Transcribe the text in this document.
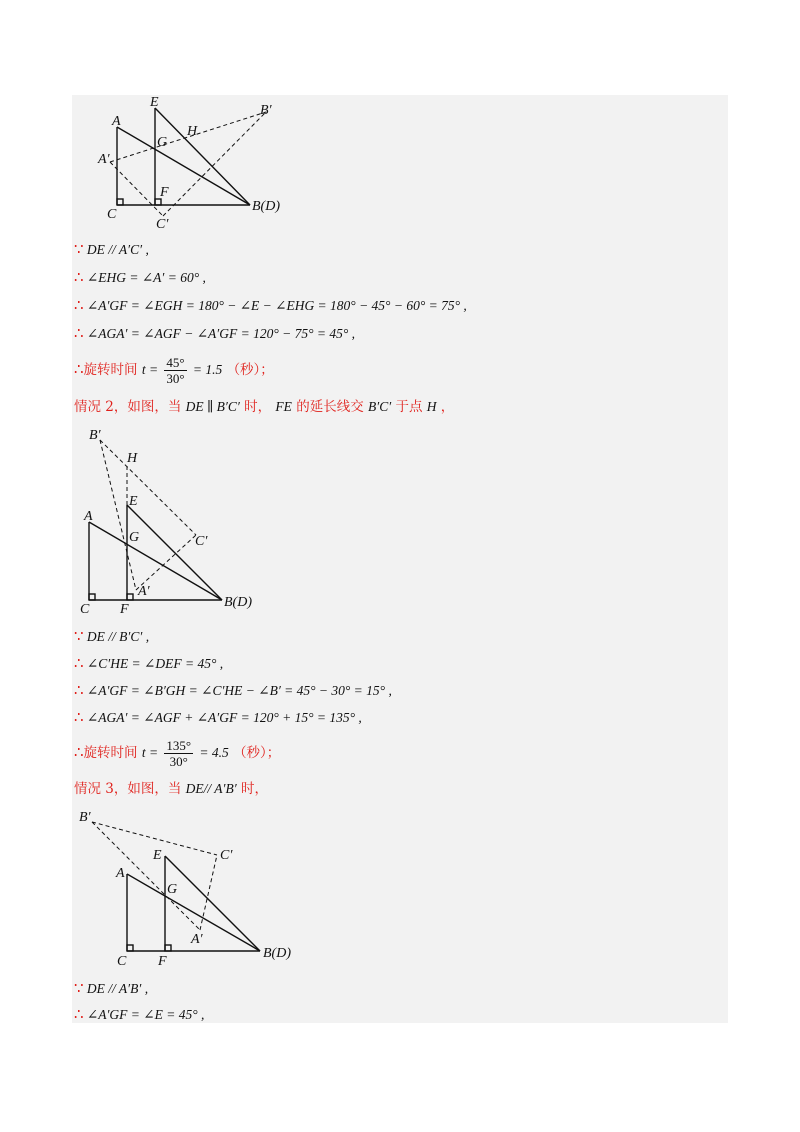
A
E
B′
H
A′
G
F
C
C′
B(D)
∵ DE // A′C′ ,
∴ ∠EHG = ∠A′ = 60° ,
∴ ∠A′GF = ∠EGH = 180° − ∠E − ∠EHG = 180° − 45° − 60° = 75° ,
∴ ∠AGA′ = ∠AGF − ∠A′GF = 120° − 75° = 45° ,
∴旋转时间 $t = \frac{45^\circ}{30^\circ} = 1.5$ （秒）；
情况 2，如图，当 DE ∥ B′C′ 时， FE 的延长线交 B′C′ 于点 H ，
B′
H
E
A
G	C′
A′
C F	B(D)
∵ DE // B′C′ ,
∴ ∠C′HE = ∠DEF = 45° ,
∴ ∠A′GF = ∠B′GH = ∠C′HE − ∠B′ = 45° − 30° = 15° ,
∴ ∠AGA′ = ∠AGF + ∠A′GF = 120° + 15° = 135° ,
∴旋转时间 $t = \frac{135^\circ}{30^\circ} = 4.5$ （秒）；
情况 3，如图，当 DE// A′B′ 时，
B′
E	C′
A
G
A′
C F
B(D)
∵ DE // A′B′ ,
∴ ∠A′GF = ∠E = 45° ,
